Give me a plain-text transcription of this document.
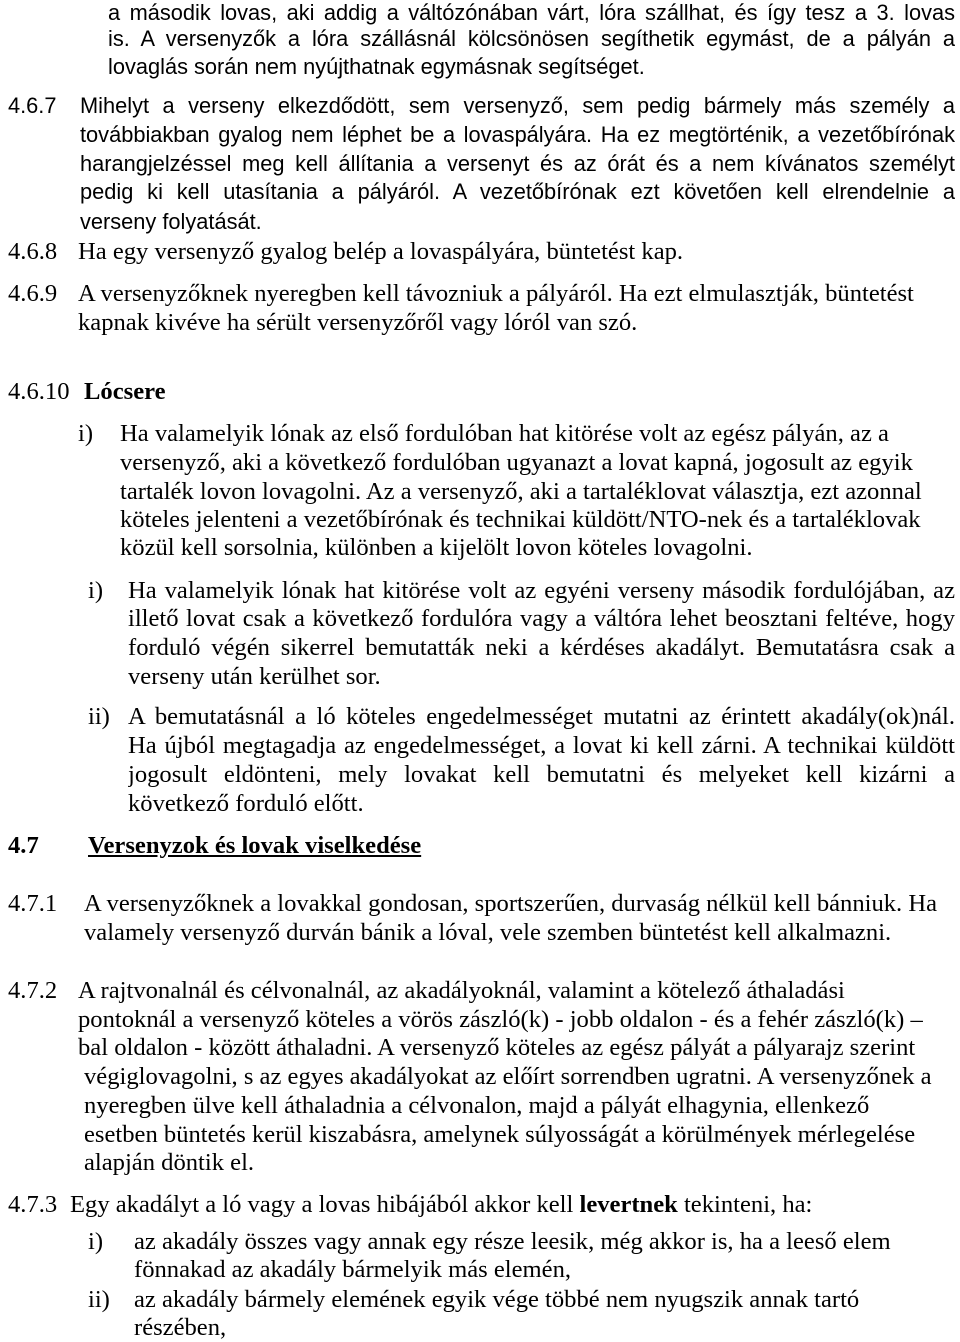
a második lovas, aki addig a váltózónában várt, lóra szállhat, és így tesz a 3. lovas
is. A versenyzők a lóra szállásnál kölcsönösen segíthetik egymást, de a pályán a
lovaglás során nem nyújthatnak egymásnak segítséget.
4.6.7 Mihelyt a verseny elkezdődött, sem versenyző, sem pedig bármely más személy a
továbbiakban gyalog nem léphet be a lovaspályára. Ha ez megtörténik, a vezetőbírónak
harangjelzéssel meg kell állítania a versenyt és az órát és a nem kívánatos személyt
pedig ki kell utasítania a pályáról. A vezetőbírónak ezt követően kell elrendelnie a
verseny folyatását.
4.6.8 Ha egy versenyző gyalog belép a lovaspályára, büntetést kap.
4.6.9 A versenyzőknek nyeregben kell távozniuk a pályáról. Ha ezt elmulasztják, büntetést
kapnak kivéve ha sérült versenyzőről vagy lóról van szó.
4.6.10 Lócsere
i) Ha valamelyik lónak az első fordulóban hat kitörése volt az egész pályán, az a
versenyző, aki a következő fordulóban ugyanazt a lovat kapná, jogosult az egyik
tartalék lovon lovagolni. Az a versenyző, aki a tartaléklovat választja, ezt azonnal
köteles jelenteni a vezetőbírónak és technikai küldött/NTO-nek és a tartaléklovak
közül kell sorsolnia, különben a kijelölt lovon köteles lovagolni.
i) Ha valamelyik lónak hat kitörése volt az egyéni verseny második fordulójában, az
illető lovat csak a következő fordulóra vagy a váltóra lehet beosztani feltéve, hogy
forduló végén sikerrel bemutatták neki a kérdéses akadályt. Bemutatásra csak a
verseny után kerülhet sor.
ii) A bemutatásnál a ló köteles engedelmességet mutatni az érintett akadály(ok)nál.
Ha újból megtagadja az engedelmességet, a lovat ki kell zárni. A technikai küldött
jogosult eldönteni, mely lovakat kell bemutatni és melyeket kell kizárni a
következő forduló előtt.
4.7 Versenyzok és lovak viselkedése
4.7.1 A versenyzőknek a lovakkal gondosan, sportszerűen, durvaság nélkül kell bánniuk. Ha
valamely versenyző durván bánik a lóval, vele szemben büntetést kell alkalmazni.
4.7.2 A rajtvonalnál és célvonalnál, az akadályoknál, valamint a kötelező áthaladási
pontoknál a versenyző köteles a vörös zászló(k) - jobb oldalon - és a fehér zászló(k) –
bal oldalon - között áthaladni. A versenyző köteles az egész pályát a pályarajz szerint
végiglovagolni, s az egyes akadályokat az előírt sorrendben ugratni. A versenyzőnek a
nyeregben ülve kell áthaladnia a célvonalon, majd a pályát elhagynia, ellenkező
esetben büntetés kerül kiszabásra, amelynek súlyosságát a körülmények mérlegelése
alapján döntik el.
4.7.3 Egy akadályt a ló vagy a lovas hibájából akkor kell levertnek tekinteni, ha:
i) az akadály összes vagy annak egy része leesik, még akkor is, ha a leeső elem
fönnakad az akadály bármelyik más elemén,
ii) az akadály bármely elemének egyik vége többé nem nyugszik annak tartó
részében,
